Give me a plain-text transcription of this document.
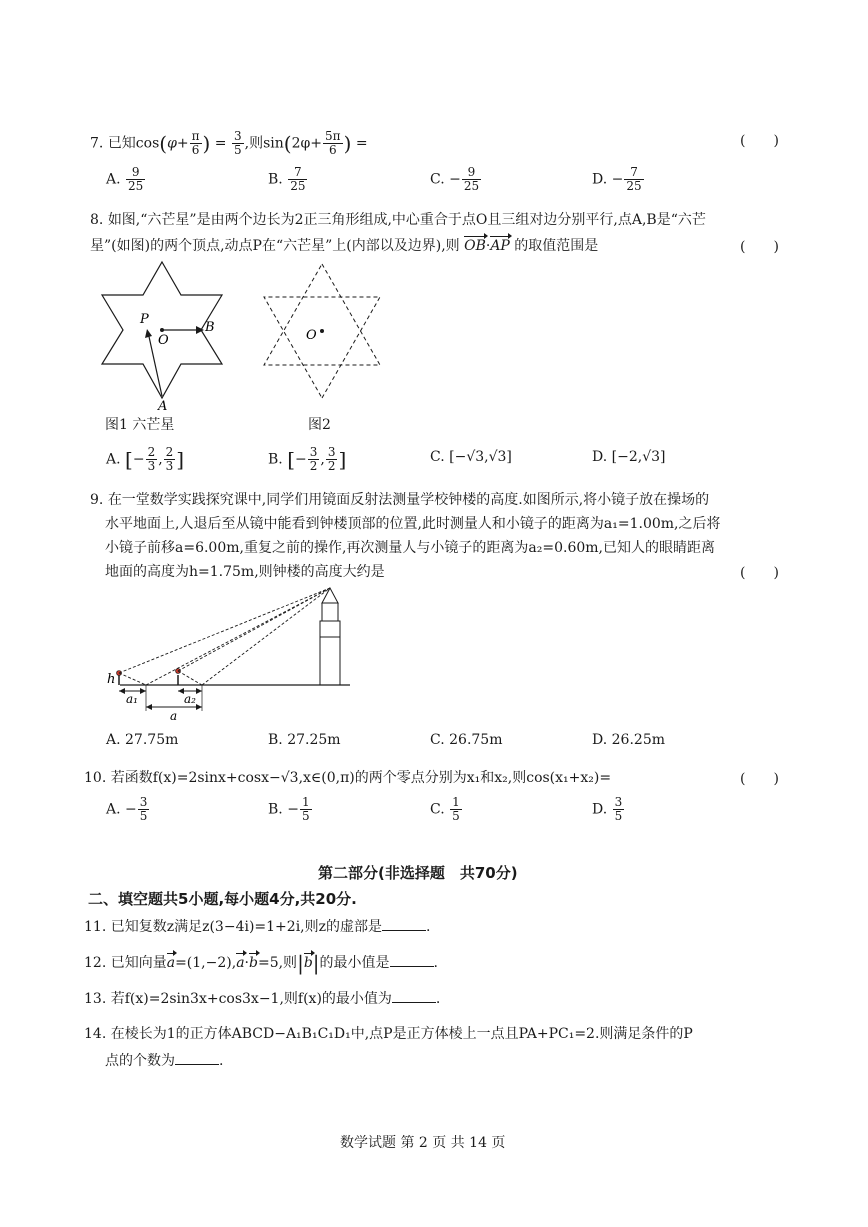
7. 已知$\cos(\varphi+ \frac{\pi}{6}$ ) = $\frac{3}{5}$ ,则$\sin(2\varphi+ \frac{5\pi}{6}$ ) =	(　　)
A. $\frac{9}{25}$	B. $\frac{7}{25}$	C. − $\frac{9}{25}$	D. − $\frac{7}{25}$
8. 如图,“六芒星”是由两个边长为2正三角形组成,中心重合于点O且三组对边分别平行,点A,B是“六芒
星”(如图)的两个顶点,动点P在“六芒星”上(内部以及边界),则 OB·AP 的取值范围是	(　　)
P
O
B
A
图1 六芒星
O
图2
A. [− $\frac{2}{3}$ , $\frac{2}{3}$ ]	B. [− $\frac{3}{2}$ , $\frac{3}{2}$ ]	C. [−√3,√3]	D. [−2,√3]
9. 在一堂数学实践探究课中,同学们用镜面反射法测量学校钟楼的高度.如图所示,将小镜子放在操场的
水平地面上,人退后至从镜中能看到钟楼顶部的位置,此时测量人和小镜子的距离为a₁=1.00m,之后将
小镜子前移a=6.00m,重复之前的操作,再次测量人与小镜子的距离为a₂=0.60m,已知人的眼睛距离
地面的高度为h=1.75m,则钟楼的高度大约是	(　　)
h
a₁	a₂
a
A. 27.75m	B. 27.25m	C. 26.75m	D. 26.25m
10. 若函数f(x)=2sinx+cosx−√3,x∈(0,π)的两个零点分别为x₁和x₂,则cos(x₁+x₂)=	(　　)
A. − $\frac{3}{5}$	B. − $\frac{1}{5}$	C. $\frac{1}{5}$	D. $\frac{3}{5}$
第二部分(非选择题　共70分)
二、填空题共5小题,每小题4分,共20分.
11. 已知复数z满足z(3−4i)=1+2i,则z的虚部是	.
12. 已知向量a=(1,−2),a·b=5,则|b|的最小值是	.
13. 若f(x)=2sin3x+cos3x−1,则f(x)的最小值为	.
14. 在棱长为1的正方体ABCD−A₁B₁C₁D₁中,点P是正方体棱上一点且PA+PC₁=2.则满足条件的P
点的个数为	.
数学试题 第 2 页 共 14 页
